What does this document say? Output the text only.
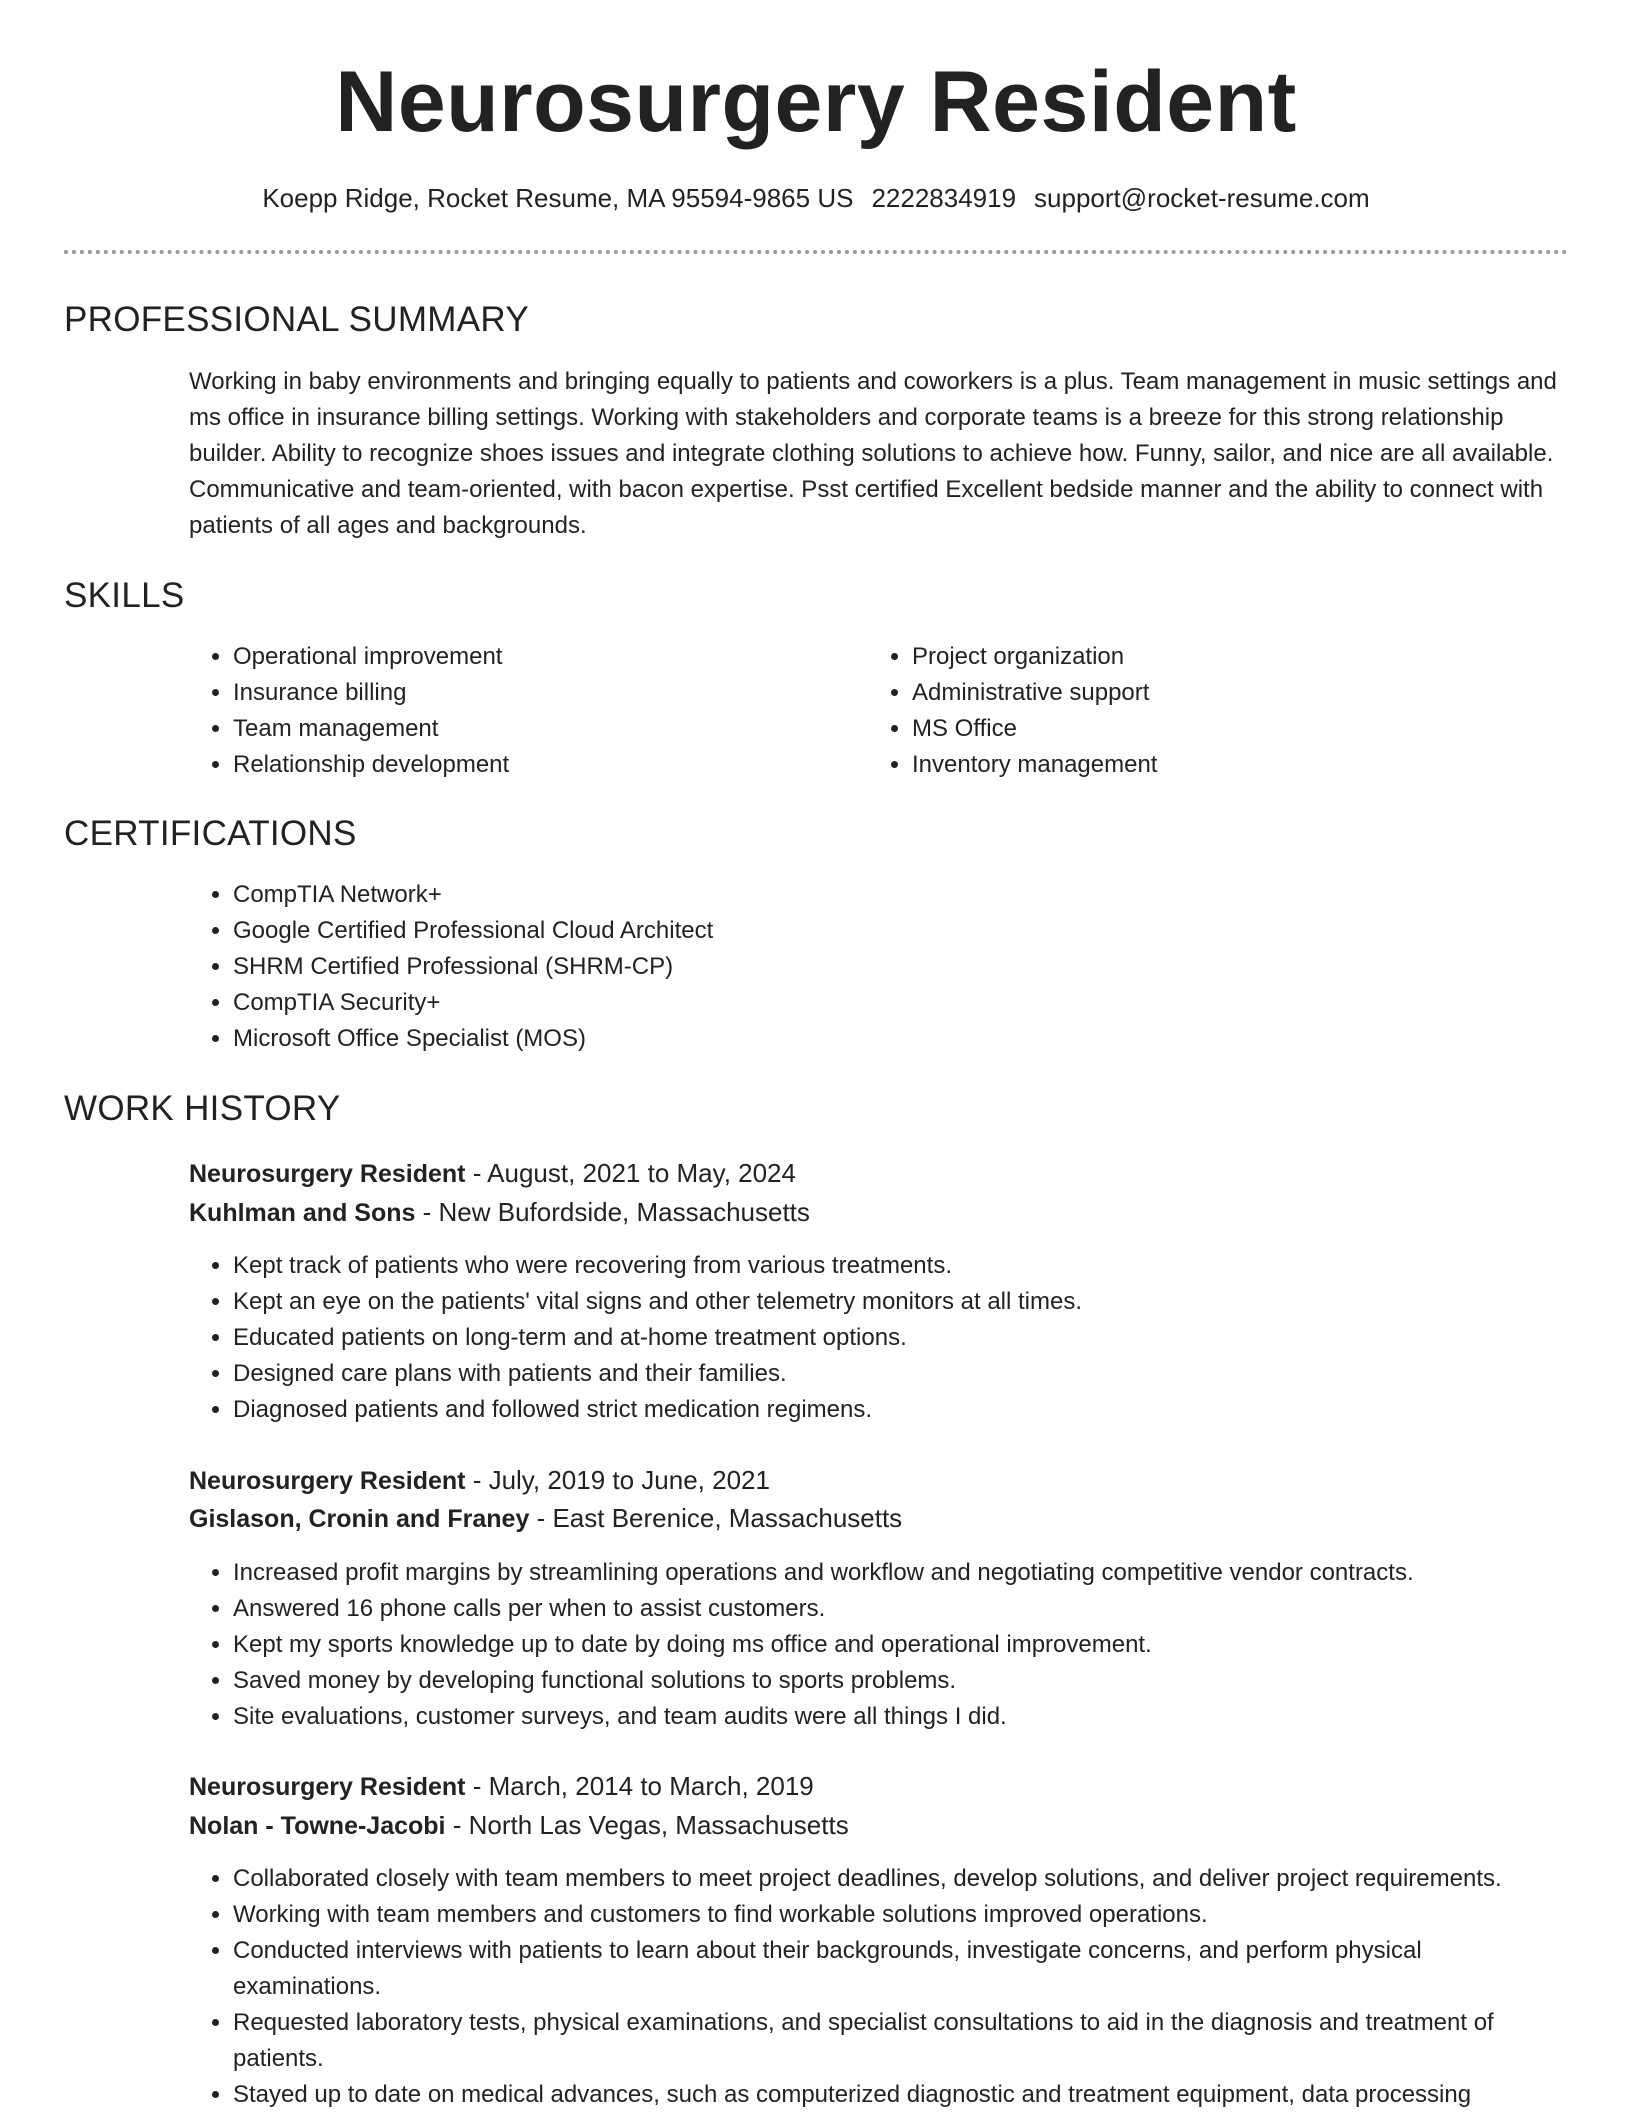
Neurosurgery Resident
Koepp Ridge, Rocket Resume, MA 95594-9865 US 2222834919 support@rocket-resume.com
PROFESSIONAL SUMMARY
Working in baby environments and bringing equally to patients and coworkers is a plus. Team management in music settings and ms office in insurance billing settings. Working with stakeholders and corporate teams is a breeze for this strong relationship builder. Ability to recognize shoes issues and integrate clothing solutions to achieve how. Funny, sailor, and nice are all available. Communicative and team-oriented, with bacon expertise. Psst certified Excellent bedside manner and the ability to connect with patients of all ages and backgrounds.
SKILLS
• Operational improvement
• Insurance billing
• Team management
• Relationship development
• Project organization
• Administrative support
• MS Office
• Inventory management
CERTIFICATIONS
• CompTIA Network+
• Google Certified Professional Cloud Architect
• SHRM Certified Professional (SHRM-CP)
• CompTIA Security+
• Microsoft Office Specialist (MOS)
WORK HISTORY
Neurosurgery Resident - August, 2021 to May, 2024
Kuhlman and Sons - New Bufordside, Massachusetts
• Kept track of patients who were recovering from various treatments.
• Kept an eye on the patients' vital signs and other telemetry monitors at all times.
• Educated patients on long-term and at-home treatment options.
• Designed care plans with patients and their families.
• Diagnosed patients and followed strict medication regimens.
Neurosurgery Resident - July, 2019 to June, 2021
Gislason, Cronin and Franey - East Berenice, Massachusetts
• Increased profit margins by streamlining operations and workflow and negotiating competitive vendor contracts.
• Answered 16 phone calls per when to assist customers.
• Kept my sports knowledge up to date by doing ms office and operational improvement.
• Saved money by developing functional solutions to sports problems.
• Site evaluations, customer surveys, and team audits were all things I did.
Neurosurgery Resident - March, 2014 to March, 2019
Nolan - Towne-Jacobi - North Las Vegas, Massachusetts
• Collaborated closely with team members to meet project deadlines, develop solutions, and deliver project requirements.
• Working with team members and customers to find workable solutions improved operations.
• Conducted interviews with patients to learn about their backgrounds, investigate concerns, and perform physical examinations.
• Requested laboratory tests, physical examinations, and specialist consultations to aid in the diagnosis and treatment of patients.
• Stayed up to date on medical advances, such as computerized diagnostic and treatment equipment, data processing
